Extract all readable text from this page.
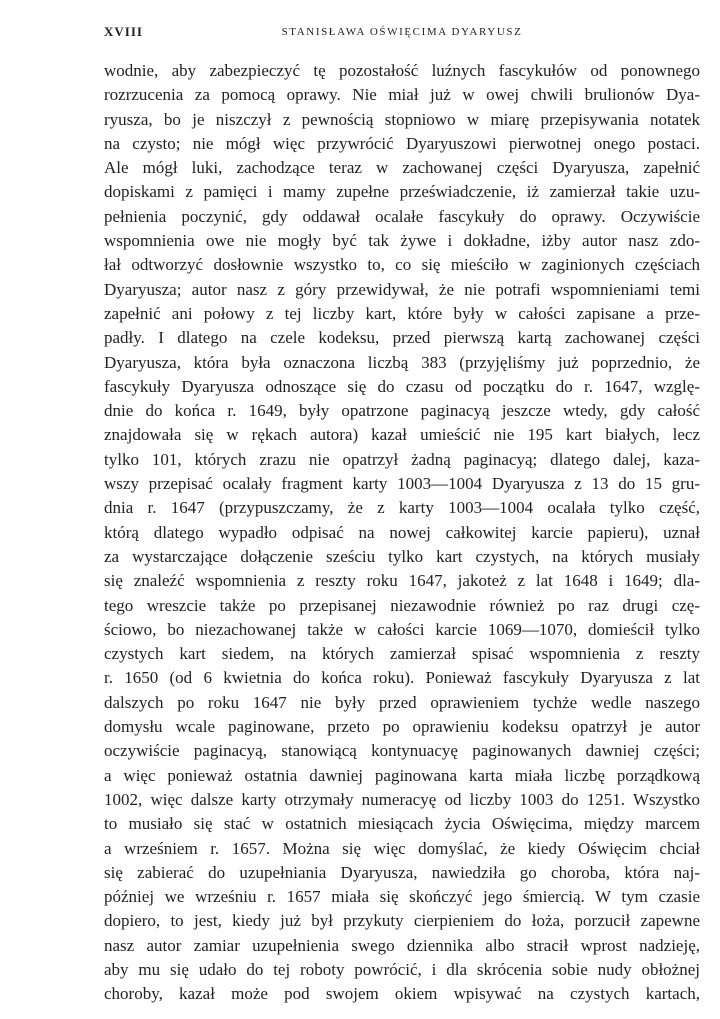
XVIII	STANISŁAWA OŚWIĘCIMA DYARYUSZ
wodnie, aby zabezpieczyć tę pozostałość luźnych fascykułów od ponownego
rozrzucenia za pomocą oprawy. Nie miał już w owej chwili brulionów Dya-
ryusza, bo je niszczył z pewnością stopniowo w miarę przepisywania notatek
na czysto; nie mógł więc przywrócić Dyaryuszowi pierwotnej onego postaci.
Ale mógł luki, zachodzące teraz w zachowanej części Dyaryusza, zapełnić
dopiskami z pamięci i mamy zupełne przeświadczenie, iż zamierzał takie uzu-
pełnienia poczynić, gdy oddawał ocalałe fascykuły do oprawy. Oczywiście
wspomnienia owe nie mogły być tak żywe i dokładne, iżby autor nasz zdo-
łał odtworzyć dosłownie wszystko to, co się mieściło w zaginionych częściach
Dyaryusza; autor nasz z góry przewidywał, że nie potrafi wspomnieniami temi
zapełnić ani połowy z tej liczby kart, które były w całości zapisane a prze-
padły. I dlatego na czele kodeksu, przed pierwszą kartą zachowanej części
Dyaryusza, która była oznaczona liczbą 383 (przyjęliśmy już poprzednio, że
fascykuły Dyaryusza odnoszące się do czasu od początku do r. 1647, wzglę-
dnie do końca r. 1649, były opatrzone paginacyą jeszcze wtedy, gdy całość
znajdowała się w rękach autora) kazał umieścić nie 195 kart białych, lecz
tylko 101, których zrazu nie opatrzył żadną paginacyą; dlatego dalej, kaza-
wszy przepisać ocalały fragment karty 1003—1004 Dyaryusza z 13 do 15 gru-
dnia r. 1647 (przypuszczamy, że z karty 1003—1004 ocalała tylko część,
którą dlatego wypadło odpisać na nowej całkowitej karcie papieru), uznał
za wystarczające dołączenie sześciu tylko kart czystych, na których musiały
się znaleźć wspomnienia z reszty roku 1647, jakoteż z lat 1648 i 1649; dla-
tego wreszcie także po przepisanej niezawodnie również po raz drugi czę-
ściowo, bo niezachowanej także w całości karcie 1069—1070, domieścił tylko
czystych kart siedem, na których zamierzał spisać wspomnienia z reszty
r. 1650 (od 6 kwietnia do końca roku). Ponieważ fascykuły Dyaryusza z lat
dalszych po roku 1647 nie były przed oprawieniem tychże wedle naszego
domysłu wcale paginowane, przeto po oprawieniu kodeksu opatrzył je autor
oczywiście paginacyą, stanowiącą kontynuacyę paginowanych dawniej części;
a więc ponieważ ostatnia dawniej paginowana karta miała liczbę porządkową
1002, więc dalsze karty otrzymały numeracyę od liczby 1003 do 1251. Wszystko
to musiało się stać w ostatnich miesiącach życia Oświęcima, między marcem
a wrześniem r. 1657. Można się więc domyślać, że kiedy Oświęcim chciał
się zabierać do uzupełniania Dyaryusza, nawiedziła go choroba, która naj-
później we wrześniu r. 1657 miała się skończyć jego śmiercią. W tym czasie
dopiero, to jest, kiedy już był przykuty cierpieniem do łoża, porzucił zapewne
nasz autor zamiar uzupełnienia swego dziennika albo stracił wprost nadzieję,
aby mu się udało do tej roboty powrócić, i dla skrócenia sobie nudy obłożnej
choroby, kazał może pod swojem okiem wpisywać na czystych kartach,
